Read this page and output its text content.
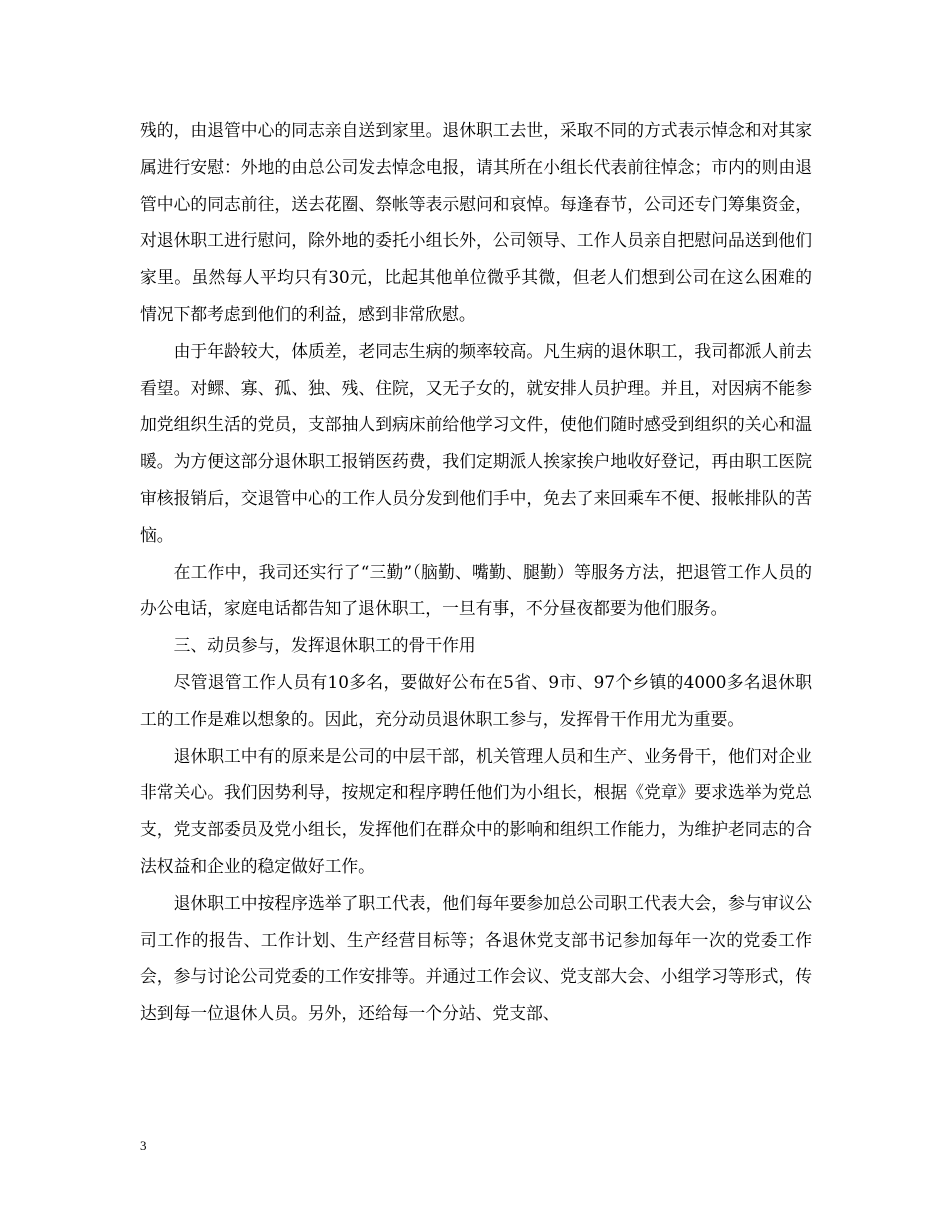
残的，由退管中心的同志亲自送到家里。退休职工去世，采取不同的方式表示悼念和对其家属进行安慰：外地的由总公司发去悼念电报，请其所在小组长代表前往悼念；市内的则由退管中心的同志前往，送去花圈、祭帐等表示慰问和哀悼。每逢春节，公司还专门筹集资金，对退休职工进行慰问，除外地的委托小组长外，公司领导、工作人员亲自把慰问品送到他们家里。虽然每人平均只有30元，比起其他单位微乎其微，但老人们想到公司在这么困难的情况下都考虑到他们的利益，感到非常欣慰。

由于年龄较大，体质差，老同志生病的频率较高。凡生病的退休职工，我司都派人前去看望。对鳏、寡、孤、独、残、住院，又无子女的，就安排人员护理。并且，对因病不能参加党组织生活的党员，支部抽人到病床前给他学习文件，使他们随时感受到组织的关心和温暖。为方便这部分退休职工报销医药费，我们定期派人挨家挨户地收好登记，再由职工医院审核报销后，交退管中心的工作人员分发到他们手中，免去了来回乘车不便、报帐排队的苦恼。

在工作中，我司还实行了“三勤”（脑勤、嘴勤、腿勤）等服务方法，把退管工作人员的办公电话，家庭电话都告知了退休职工，一旦有事，不分昼夜都要为他们服务。

三、动员参与，发挥退休职工的骨干作用

尽管退管工作人员有10多名，要做好公布在5省、9市、97个乡镇的4000多名退休职工的工作是难以想象的。因此，充分动员退休职工参与，发挥骨干作用尤为重要。

退休职工中有的原来是公司的中层干部，机关管理人员和生产、业务骨干，他们对企业非常关心。我们因势利导，按规定和程序聘任他们为小组长，根据《党章》要求选举为党总支，党支部委员及党小组长，发挥他们在群众中的影响和组织工作能力，为维护老同志的合法权益和企业的稳定做好工作。

退休职工中按程序选举了职工代表，他们每年要参加总公司职工代表大会，参与审议公司工作的报告、工作计划、生产经营目标等；各退休党支部书记参加每年一次的党委工作会，参与讨论公司党委的工作安排等。并通过工作会议、党支部大会、小组学习等形式，传达到每一位退休人员。另外，还给每一个分站、党支部、

3
